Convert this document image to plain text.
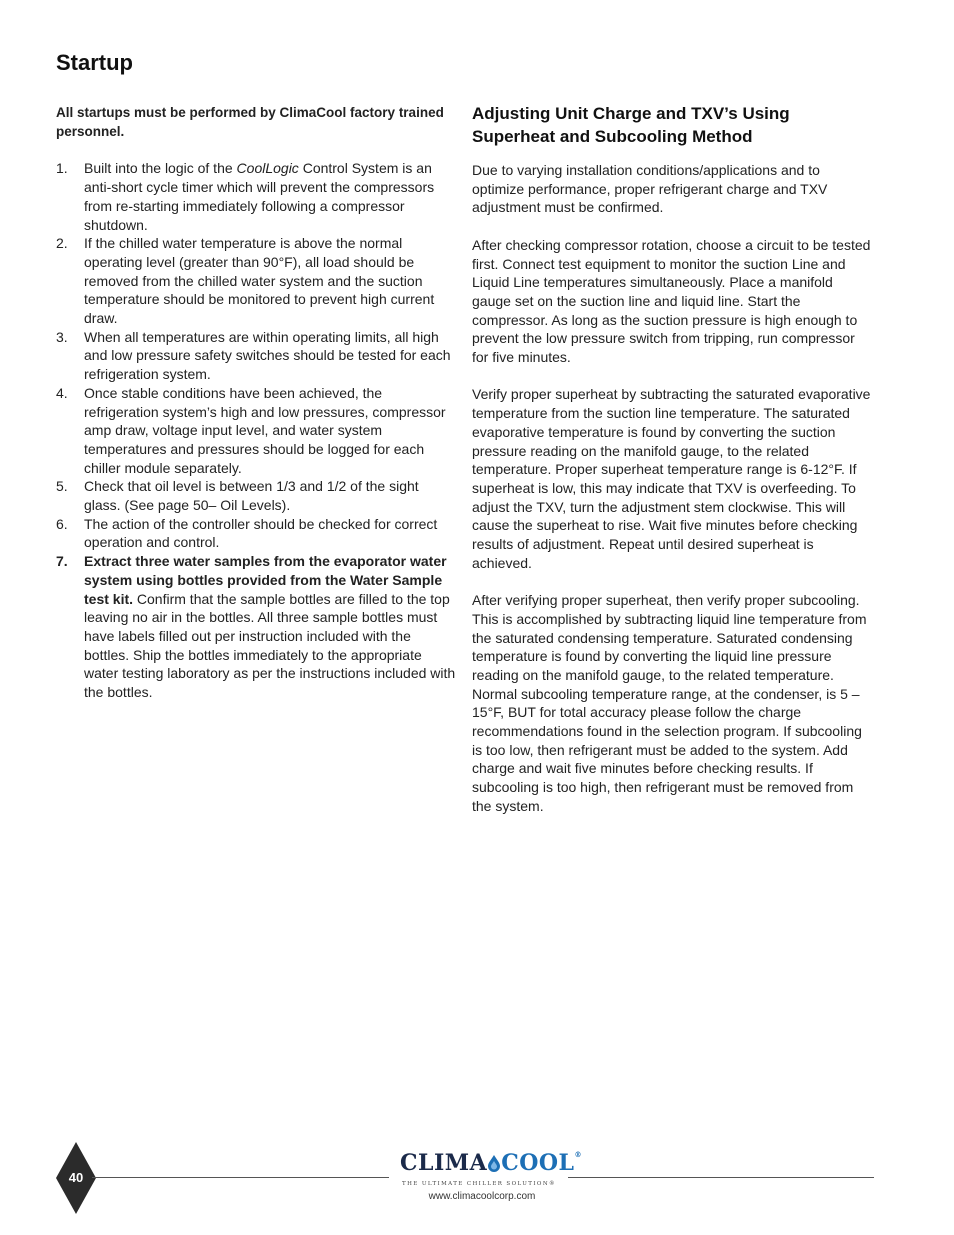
Startup

All startups must be performed by ClimaCool factory trained personnel.

1. Built into the logic of the CoolLogic Control System is an anti-short cycle timer which will prevent the compressors from re-starting immediately following a compressor shutdown.
2. If the chilled water temperature is above the normal operating level (greater than 90°F), all load should be removed from the chilled water system and the suction temperature should be monitored to prevent high current draw.
3. When all temperatures are within operating limits, all high and low pressure safety switches should be tested for each refrigeration system.
4. Once stable conditions have been achieved, the refrigeration system’s high and low pressures, compressor amp draw, voltage input level, and water system temperatures and pressures should be logged for each chiller module separately.
5. Check that oil level is between 1/3 and 1/2 of the sight glass. (See page 50– Oil Levels).
6. The action of the controller should be checked for correct operation and control.
7. Extract three water samples from the evaporator water system using bottles provided from the Water Sample test kit. Confirm that the sample bottles are filled to the top leaving no air in the bottles. All three sample bottles must have labels filled out per instruction included with the bottles. Ship the bottles immediately to the appropriate water testing laboratory as per the instructions included with the bottles.
Adjusting Unit Charge and TXV’s Using Superheat and Subcooling Method

Due to varying installation conditions/applications and to optimize performance, proper refrigerant charge and TXV adjustment must be confirmed.

After checking compressor rotation, choose a circuit to be tested first. Connect test equipment to monitor the suction Line and Liquid Line temperatures simultaneously. Place a manifold gauge set on the suction line and liquid line. Start the compressor. As long as the suction pressure is high enough to prevent the low pressure switch from tripping, run compressor for five minutes.

Verify proper superheat by subtracting the saturated evaporative temperature from the suction line temperature. The saturated evaporative temperature is found by converting the suction pressure reading on the manifold gauge, to the related temperature. Proper superheat temperature range is 6-12°F. If superheat is low, this may indicate that TXV is overfeeding. To adjust the TXV, turn the adjustment stem clockwise. This will cause the superheat to rise. Wait five minutes before checking results of adjustment. Repeat until desired superheat is achieved.

After verifying proper superheat, then verify proper subcooling. This is accomplished by subtracting liquid line temperature from the saturated condensing temperature. Saturated condensing temperature is found by converting the liquid line pressure reading on the manifold gauge, to the related temperature. Normal subcooling temperature range, at the condenser, is 5 – 15°F, BUT for total accuracy please follow the charge recommendations found in the selection program. If subcooling is too low, then refrigerant must be added to the system. Add charge and wait five minutes before checking results. If subcooling is too high, then refrigerant must be removed from the system.

40
CLIMA COOL®
THE ULTIMATE CHILLER SOLUTION®
www.climacoolcorp.com
